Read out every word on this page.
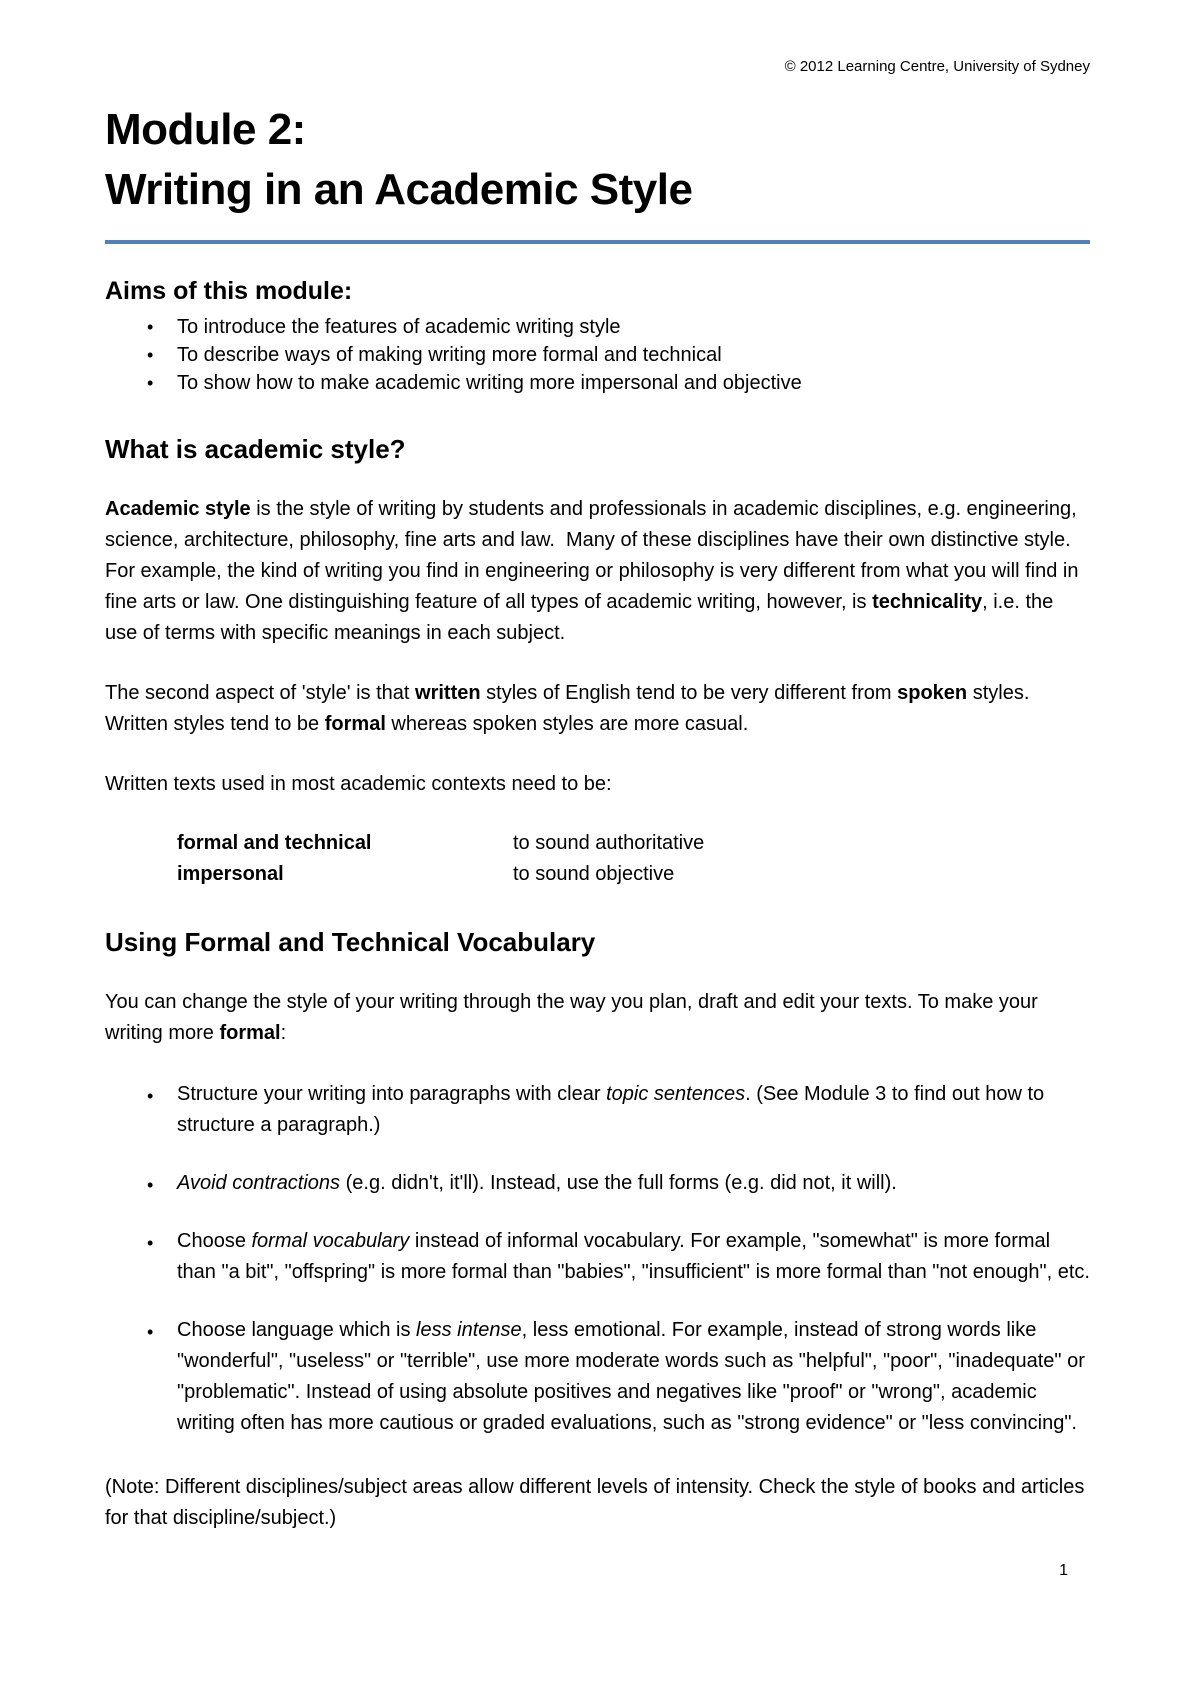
© 2012 Learning Centre, University of Sydney
Module 2:
Writing in an Academic Style
Aims of this module:
• To introduce the features of academic writing style
• To describe ways of making writing more formal and technical
• To show how to make academic writing more impersonal and objective
What is academic style?

Academic style is the style of writing by students and professionals in academic disciplines, e.g. engineering, science, architecture, philosophy, fine arts and law.  Many of these disciplines have their own distinctive style.  For example, the kind of writing you find in engineering or philosophy is very different from what you will find in fine arts or law. One distinguishing feature of all types of academic writing, however, is technicality, i.e. the use of terms with specific meanings in each subject.

The second aspect of 'style' is that written styles of English tend to be very different from spoken styles.  Written styles tend to be formal whereas spoken styles are more casual.

Written texts used in most academic contexts need to be:

formal and technical	to sound authoritative
impersonal	to sound objective
Using Formal and Technical Vocabulary

You can change the style of your writing through the way you plan, draft and edit your texts. To make your writing more formal:

• Structure your writing into paragraphs with clear topic sentences. (See Module 3 to find out how to structure a paragraph.)
• Avoid contractions (e.g. didn't, it'll). Instead, use the full forms (e.g. did not, it will).
• Choose formal vocabulary instead of informal vocabulary. For example, "somewhat" is more formal than "a bit", "offspring" is more formal than "babies", "insufficient" is more formal than "not enough", etc.
• Choose language which is less intense, less emotional. For example, instead of strong words like "wonderful", "useless" or "terrible", use more moderate words such as "helpful", "poor", "inadequate" or "problematic". Instead of using absolute positives and negatives like "proof" or "wrong", academic writing often has more cautious or graded evaluations, such as "strong evidence" or "less convincing".

(Note: Different disciplines/subject areas allow different levels of intensity. Check the style of books and articles for that discipline/subject.)

1
